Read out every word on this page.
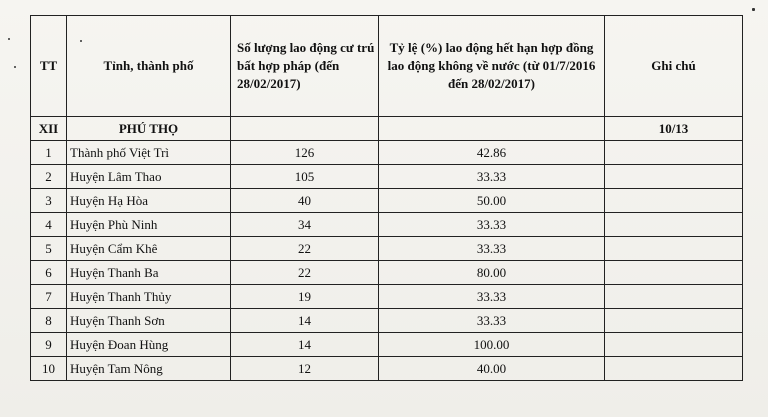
TT	Tỉnh, thành phố	Số lượng lao động cư trú bất hợp pháp (đến 28/02/2017)	Tỷ lệ (%) lao động hết hạn hợp đồng lao động không về nước (từ 01/7/2016 đến 28/02/2017)	Ghi chú
XII	PHÚ THỌ			10/13
1	Thành phố Việt Trì	126	42.86	
2	Huyện Lâm Thao	105	33.33	
3	Huyện Hạ Hòa	40	50.00	
4	Huyện Phù Ninh	34	33.33	
5	Huyện Cẩm Khê	22	33.33	
6	Huyện Thanh Ba	22	80.00	
7	Huyện Thanh Thủy	19	33.33	
8	Huyện Thanh Sơn	14	33.33	
9	Huyện Đoan Hùng	14	100.00	
10	Huyện Tam Nông	12	40.00	
